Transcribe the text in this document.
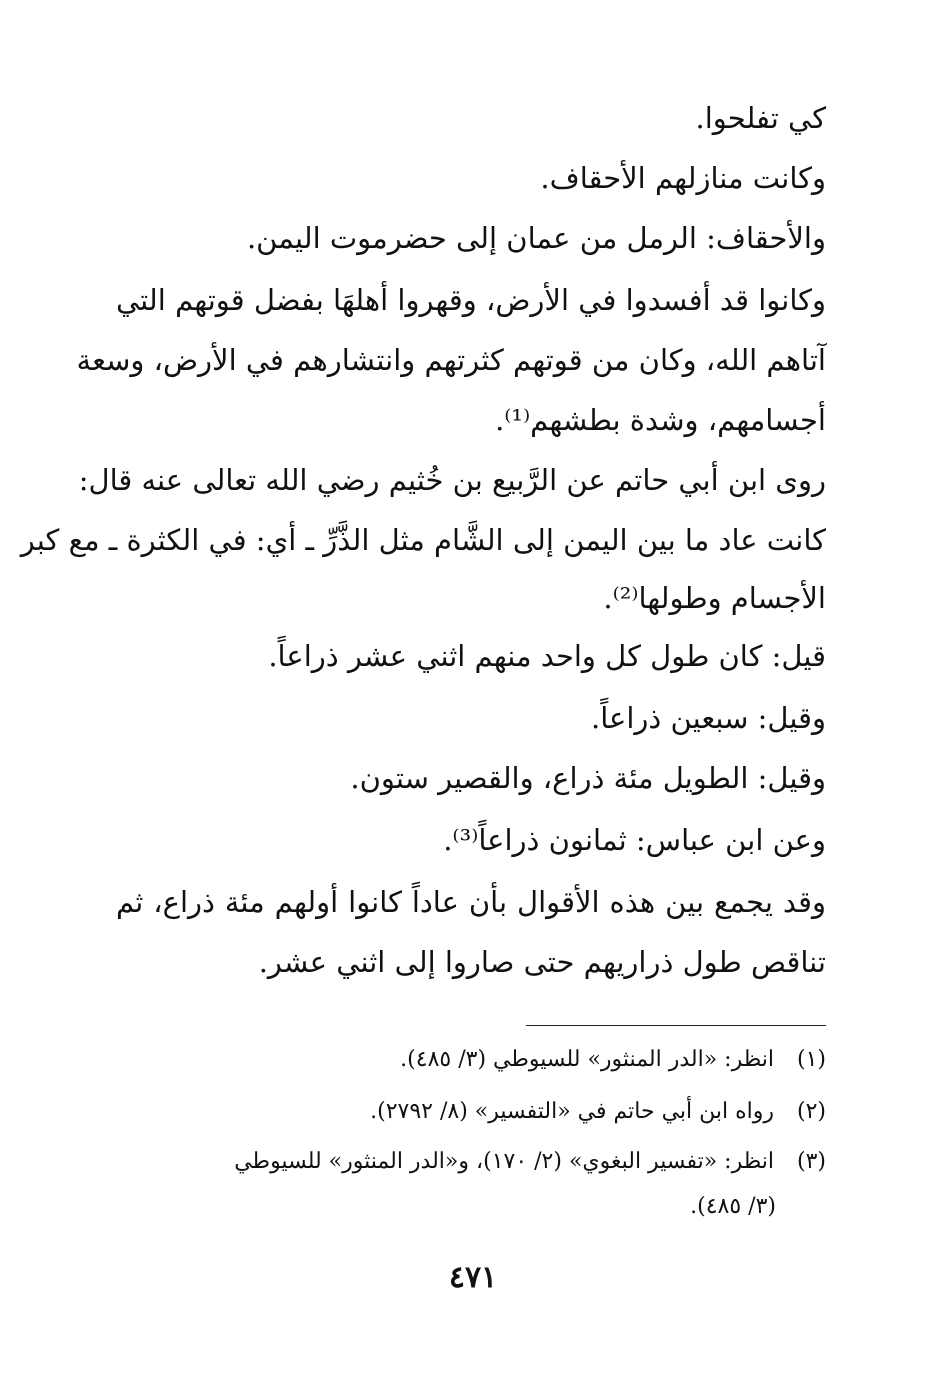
كي تفلحوا.
وكانت منازلهم الأحقاف.
والأحقاف: الرمل من عمان إلى حضرموت اليمن.
وكانوا قد أفسدوا في الأرض، وقهروا أهلهَا بفضل قوتهم التي
آتاهم الله، وكان من قوتهم كثرتهم وانتشارهم في الأرض، وسعة
أجسامهم، وشدة بطشهم⁽¹⁾.
روى ابن أبي حاتم عن الرَّبيع بن خُثيم رضي الله تعالى عنه قال:
كانت عاد ما بين اليمن إلى الشَّام مثل الذَّرِّ ـ أي: في الكثرة ـ مع كبر
الأجسام وطولها⁽²⁾.
قيل: كان طول كل واحد منهم اثني عشر ذراعاً.
وقيل: سبعين ذراعاً.
وقيل: الطويل مئة ذراع، والقصير ستون.
وعن ابن عباس: ثمانون ذراعاً⁽³⁾.
وقد يجمع بين هذه الأقوال بأن عاداً كانوا أولهم مئة ذراع، ثم
تناقص طول ذراريهم حتى صاروا إلى اثني عشر.
(١) انظر: «الدر المنثور» للسيوطي (٣/ ٤٨٥).
(٢) رواه ابن أبي حاتم في «التفسير» (٨/ ٢٧٩٢).
(٣) انظر: «تفسير البغوي» (٢/ ١٧٠)، و«الدر المنثور» للسيوطي
(٣/ ٤٨٥).
٤٧١
